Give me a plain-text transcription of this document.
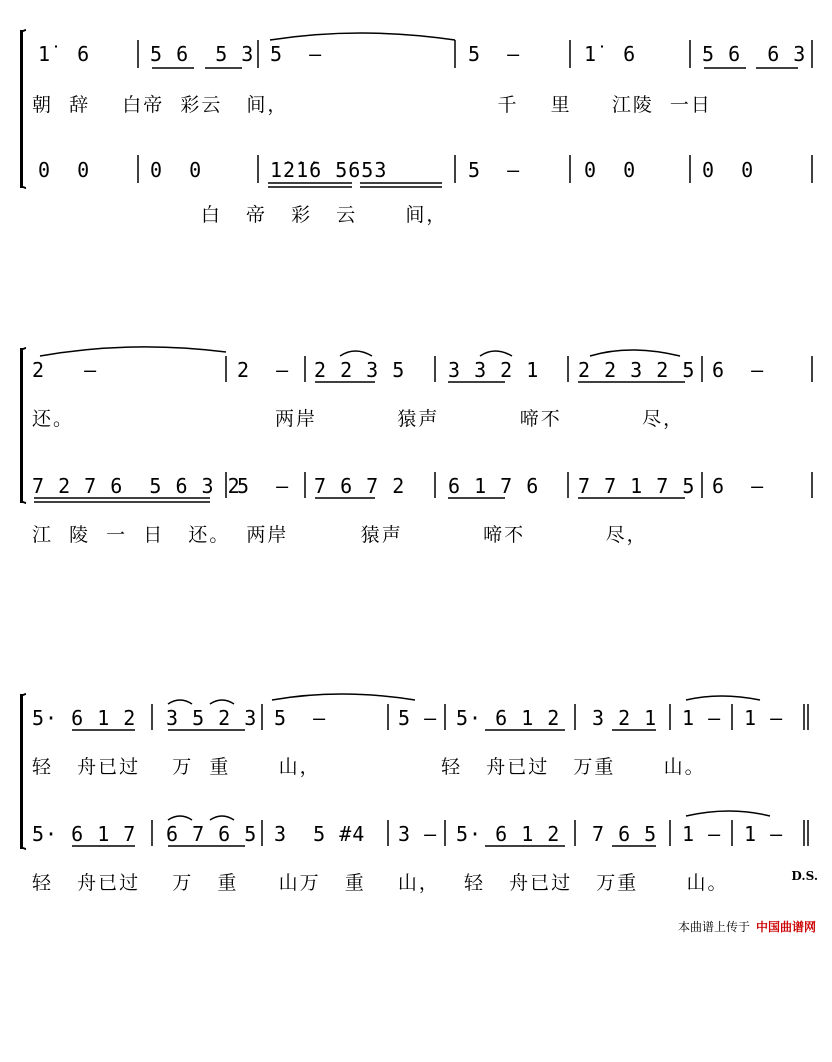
1̇  6

	5 6  5 3

5  —

	5  —

	1̇  6

	5 6  6 3

朝  辞    白帝  彩云   间，                          千    里     江陵  一日

0  0

	0  0

	1̇2̇1̇6 5653

	5  —

	0  0

	0  0

白   帝   彩   云      间，

2   —

	2  —

2 2 3 5

3 3 2 1

2 2 3 2 5

6  —

还。                         两岸          猿声          啼不          尽，

7 2 7 6  5 6 3 2

5  —

7 6 7 2

6 1 7 6

7 7 1 7 5

6  —

江  陵  一  日   还。  两岸         猿声          啼不          尽，

5· 6 1 2

3 5 2 3

5  —

	5 —

5· 6 1 2

3 2 1

1 —

1 —

轻   舟已过    万  重      山，               轻   舟已过   万重      山。

5· 6 1 7

6 7 6 5

3  5 #4

3 —

5· 6 1 2

7 6 5

1 —

1 —

轻   舟已过    万   重     山万   重    山，   轻   舟已过   万重      山。	D.S.
本曲谱上传于 中国曲谱网
